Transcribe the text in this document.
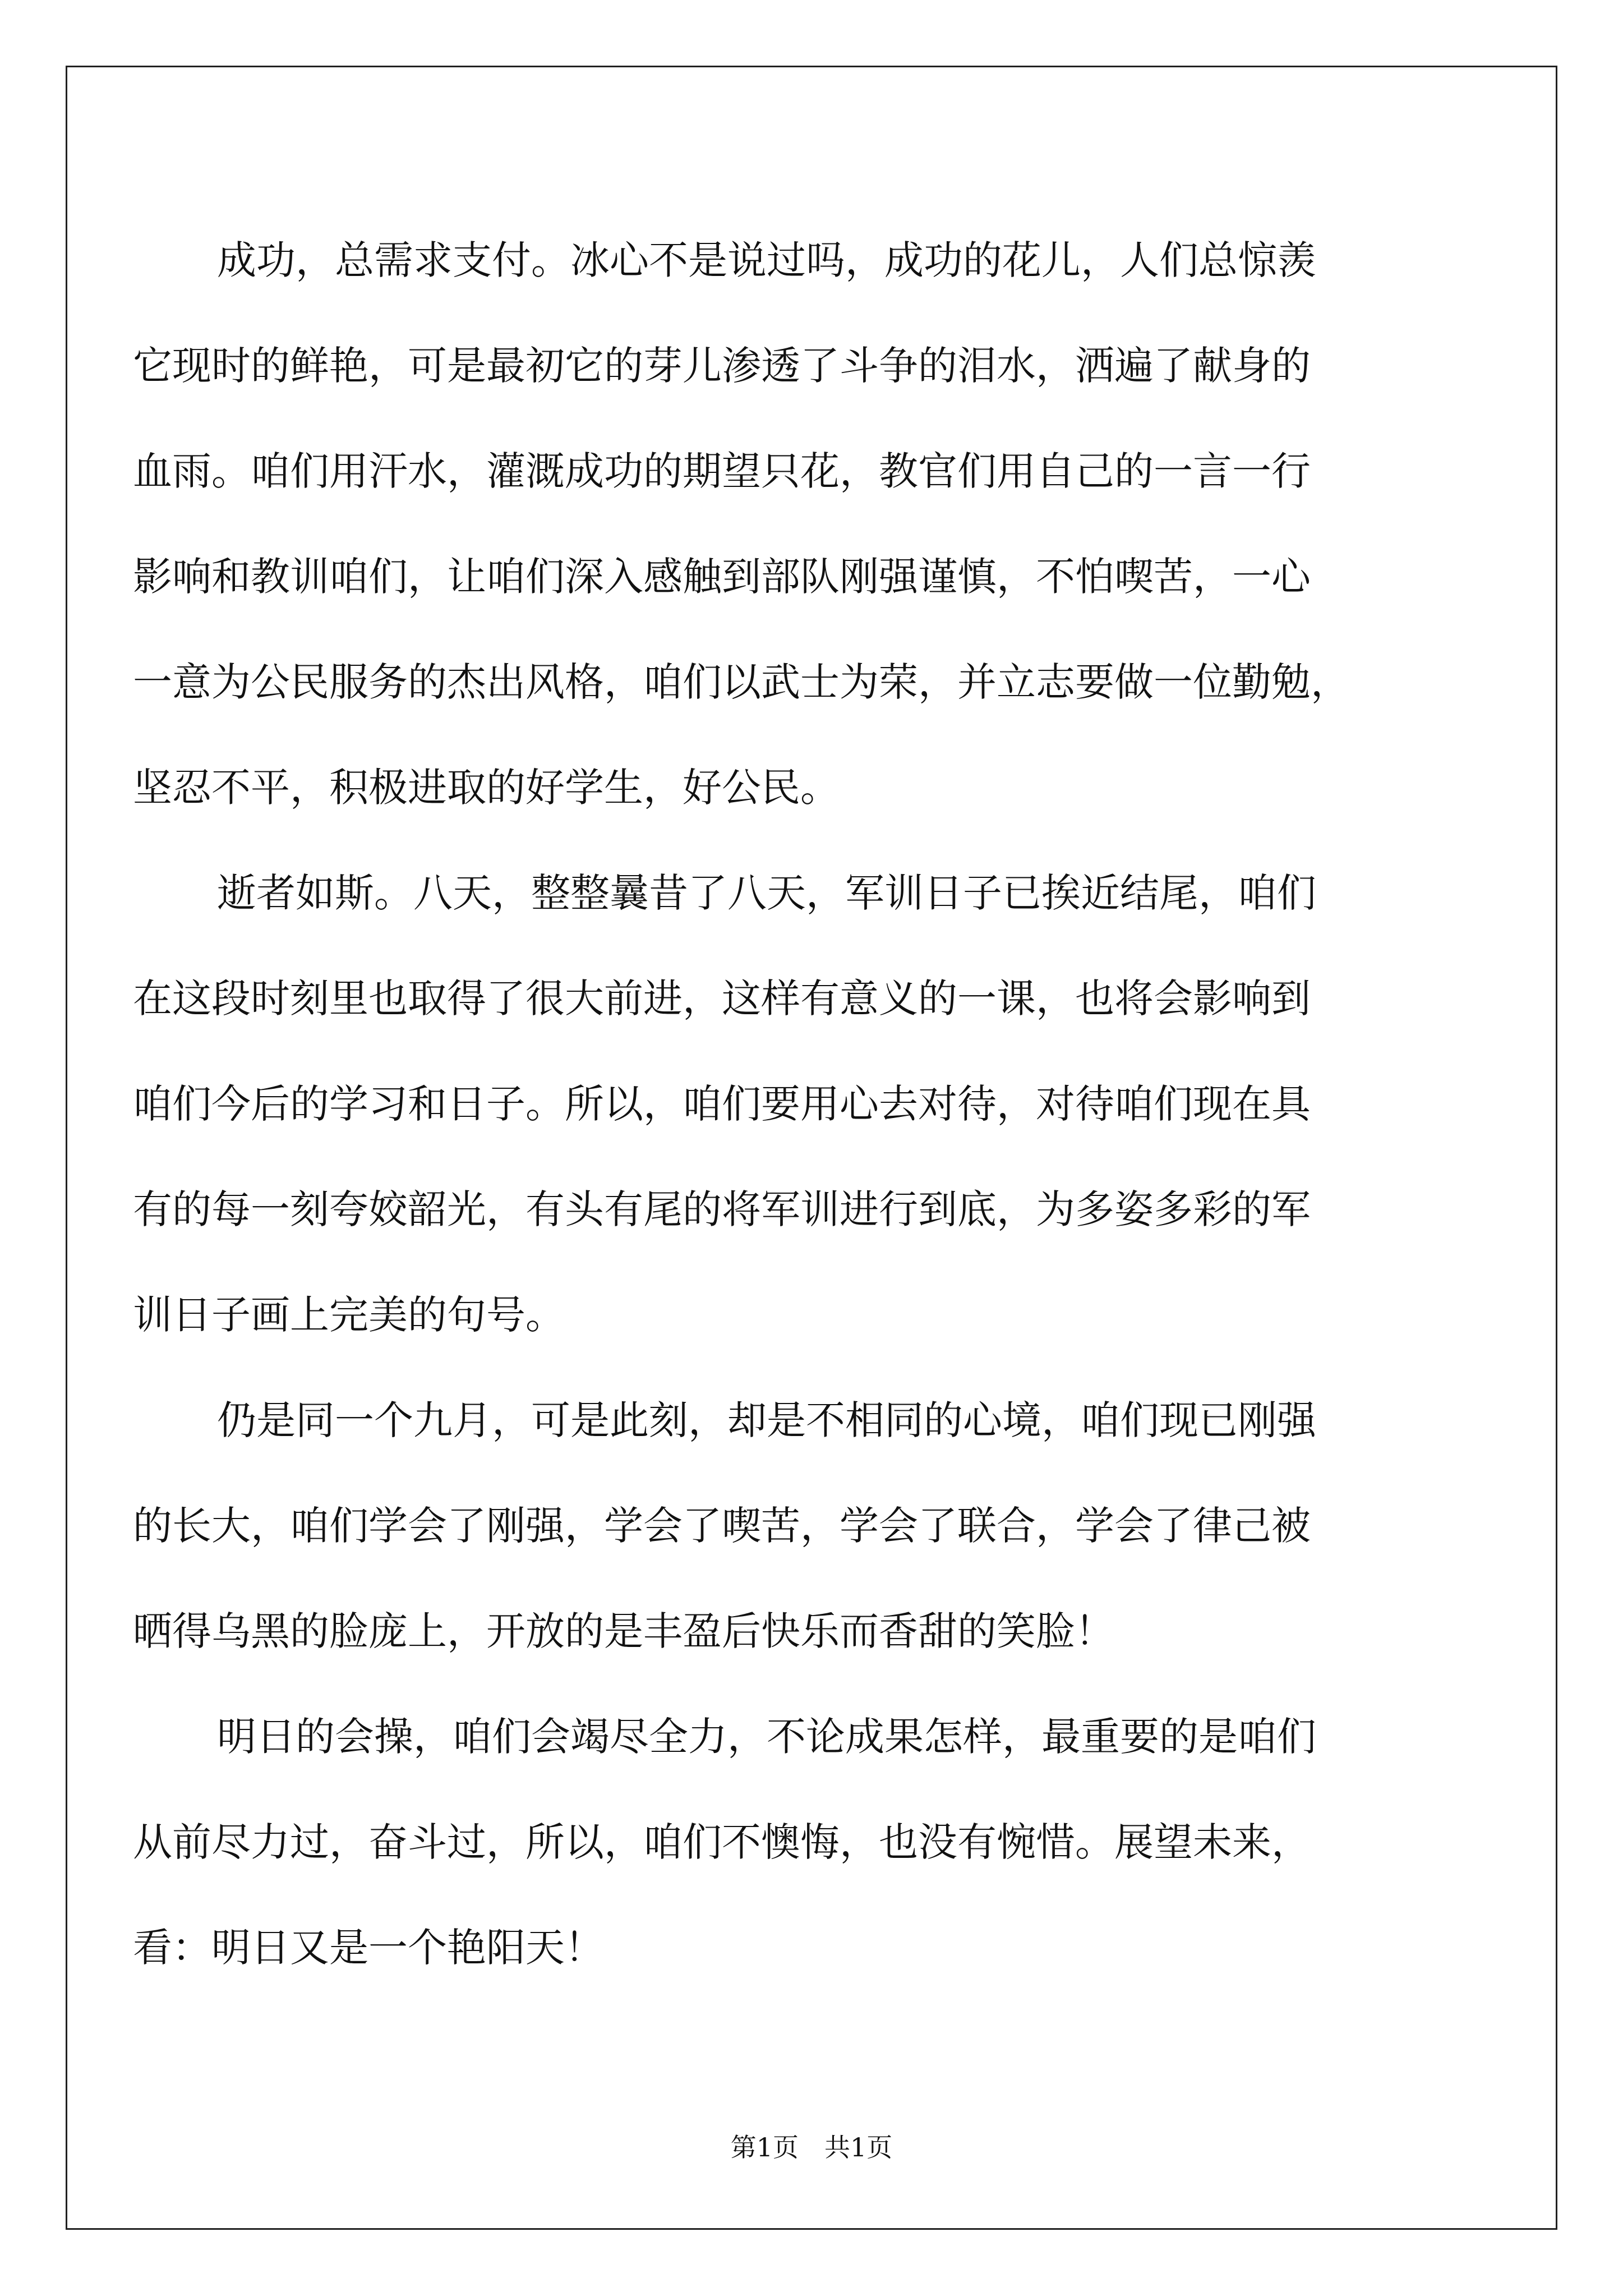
成功，总需求支付。冰心不是说过吗，成功的花儿，人们总惊羡
它现时的鲜艳，可是最初它的芽儿渗透了斗争的泪水，洒遍了献身的
血雨。咱们用汗水，灌溉成功的期望只花，教官们用自己的一言一行
影响和教训咱们，让咱们深入感触到部队刚强谨慎，不怕喫苦，一心
一意为公民服务的杰出风格，咱们以武士为荣，并立志要做一位勤勉，
坚忍不平，积极进取的好学生，好公民。
逝者如斯。八天，整整曩昔了八天，军训日子已挨近结尾，咱们
在这段时刻里也取得了很大前进，这样有意义的一课，也将会影响到
咱们今后的学习和日子。所以，咱们要用心去对待，对待咱们现在具
有的每一刻夸姣韶光，有头有尾的将军训进行到底，为多姿多彩的军
训日子画上完美的句号。
仍是同一个九月，可是此刻，却是不相同的心境，咱们现已刚强
的长大，咱们学会了刚强，学会了喫苦，学会了联合，学会了律己被
晒得乌黑的脸庞上，开放的是丰盈后快乐而香甜的笑脸！
明日的会操，咱们会竭尽全力，不论成果怎样，最重要的是咱们
从前尽力过，奋斗过，所以，咱们不懊悔，也没有惋惜。展望未来，
看：明日又是一个艳阳天！
第1页 共1页
